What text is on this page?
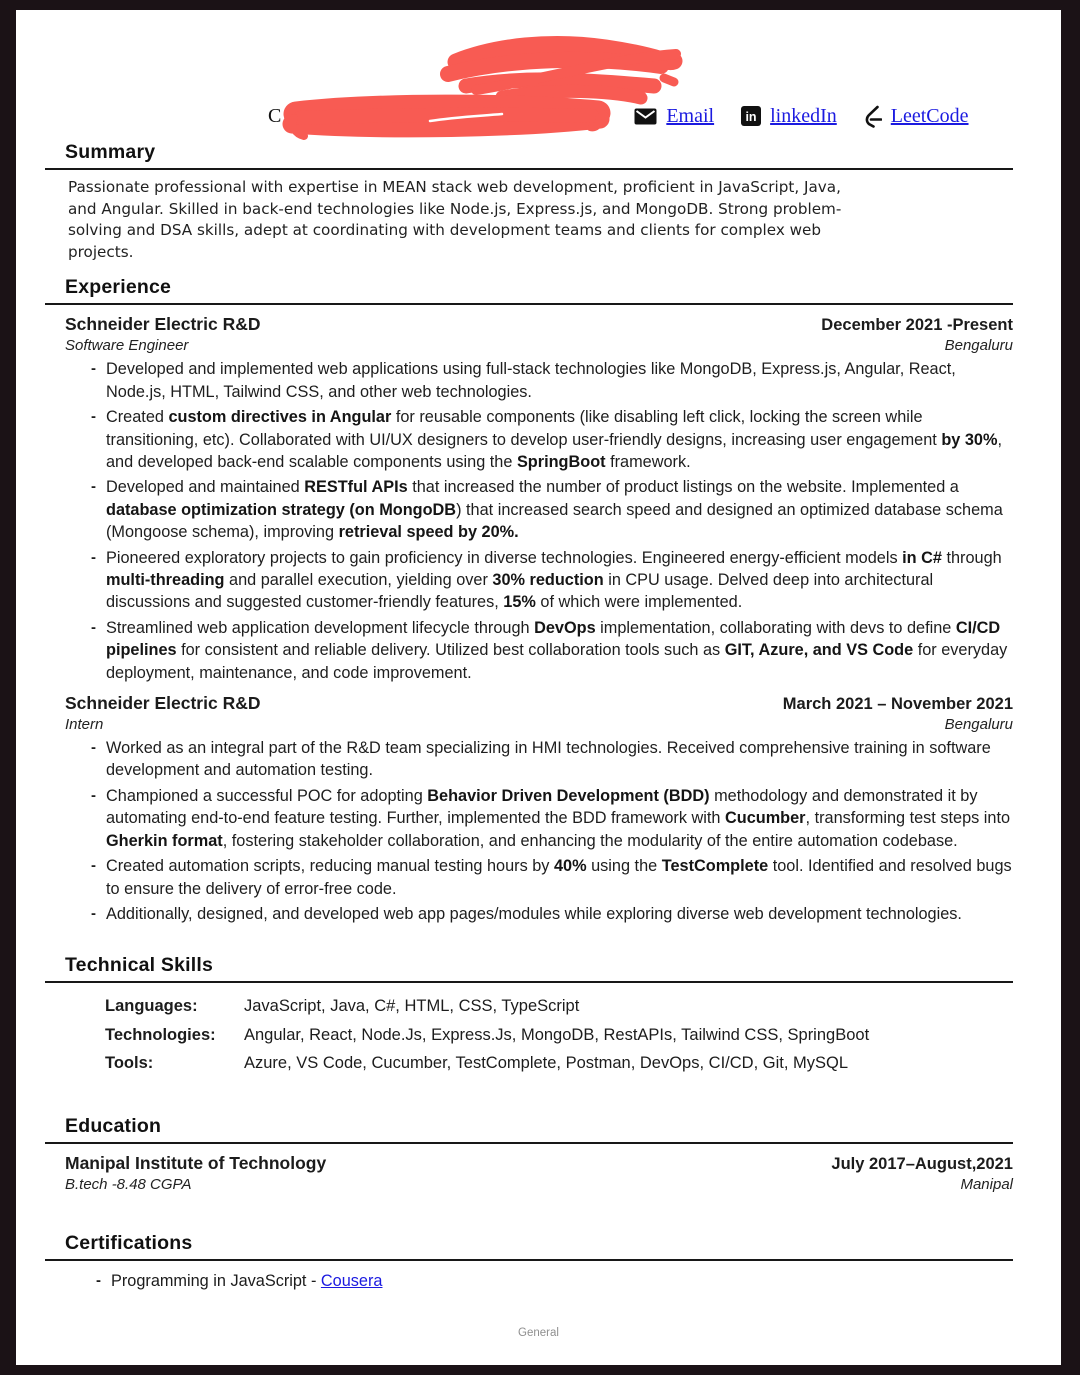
C	5	Email	in linkedIn	LeetCode
Summary

Passionate professional with expertise in MEAN stack web development, proficient in JavaScript, Java, and Angular. Skilled in back-end technologies like Node.js, Express.js, and MongoDB. Strong problem-solving and DSA skills, adept at coordinating with development teams and clients for complex web projects.

Experience
Schneider Electric R&D	December 2021 -Present
Software Engineer	Bengaluru
- Developed and implemented web applications using full-stack technologies like MongoDB, Express.js, Angular, React, Node.js, HTML, Tailwind CSS, and other web technologies.
- Created custom directives in Angular for reusable components (like disabling left click, locking the screen while transitioning, etc). Collaborated with UI/UX designers to develop user-friendly designs, increasing user engagement by 30%, and developed back-end scalable components using the SpringBoot framework.
- Developed and maintained RESTful APIs that increased the number of product listings on the website. Implemented a database optimization strategy (on MongoDB) that increased search speed and designed an optimized database schema (Mongoose schema), improving retrieval speed by 20%.
- Pioneered exploratory projects to gain proficiency in diverse technologies. Engineered energy-efficient models in C# through multi-threading and parallel execution, yielding over 30% reduction in CPU usage. Delved deep into architectural discussions and suggested customer-friendly features, 15% of which were implemented.
- Streamlined web application development lifecycle through DevOps implementation, collaborating with devs to define CI/CD pipelines for consistent and reliable delivery. Utilized best collaboration tools such as GIT, Azure, and VS Code for everyday deployment, maintenance, and code improvement.
Schneider Electric R&D	March 2021 – November 2021
Intern	Bengaluru
- Worked as an integral part of the R&D team specializing in HMI technologies. Received comprehensive training in software development and automation testing.
- Championed a successful POC for adopting Behavior Driven Development (BDD) methodology and demonstrated it by automating end-to-end feature testing. Further, implemented the BDD framework with Cucumber, transforming test steps into Gherkin format, fostering stakeholder collaboration, and enhancing the modularity of the entire automation codebase.
- Created automation scripts, reducing manual testing hours by 40% using the TestComplete tool. Identified and resolved bugs to ensure the delivery of error-free code.
- Additionally, designed, and developed web app pages/modules while exploring diverse web development technologies.
Technical Skills
Languages:	JavaScript, Java, C#, HTML, CSS, TypeScript
Technologies:	Angular, React, Node.Js, Express.Js, MongoDB, RestAPIs, Tailwind CSS, SpringBoot
Tools:	Azure, VS Code, Cucumber, TestComplete, Postman, DevOps, CI/CD, Git, MySQL
Education
Manipal Institute of Technology	July 2017–August,2021
B.tech -8.48 CGPA	Manipal
Certifications
- Programming in JavaScript - Cousera
General
